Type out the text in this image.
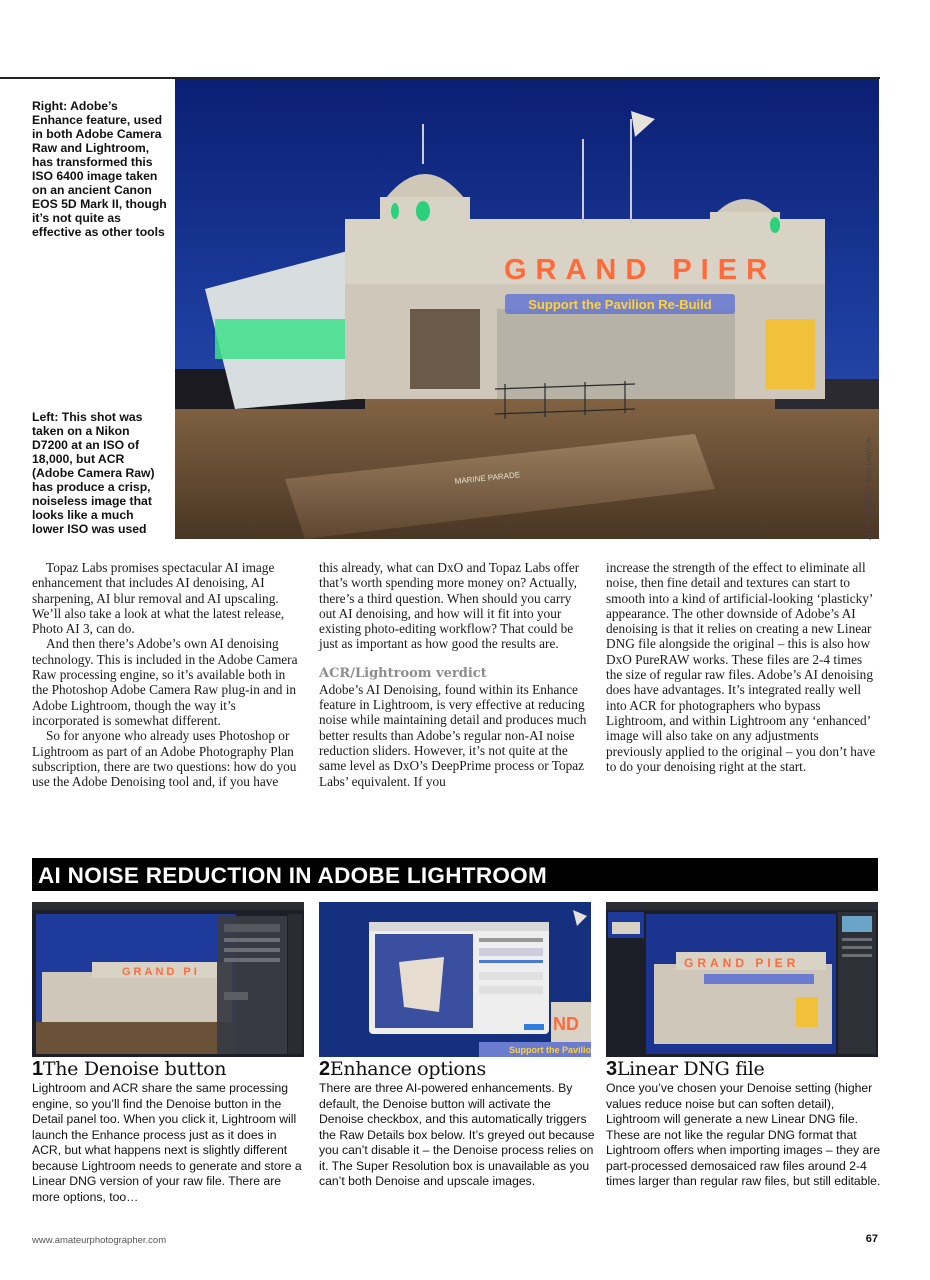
Right: Adobe’s Enhance feature, used in both Adobe Camera Raw and Lightroom, has transformed this ISO 6400 image taken on an ancient Canon EOS 5D Mark II, though it’s not quite as effective as other tools
Left: This shot was taken on a Nikon D7200 at an ISO of 18,000, but ACR (Adobe Camera Raw) has produce a crisp, noiseless image that looks like a much lower ISO was used
Support the Pavilion Re-Build
GRAND PIER
MARINE PARADE	ALL PICTURES © ROD LAWTON

Topaz Labs promises spectacular AI image enhancement that includes AI denoising, AI sharpening, AI blur removal and AI upscaling. We’ll also take a look at what the latest release, Photo AI 3, can do.

And then there’s Adobe’s own AI denoising technology. This is included in the Adobe Camera Raw processing engine, so it’s available both in the Photoshop Adobe Camera Raw plug-in and in Adobe Lightroom, though the way it’s incorporated is somewhat different.

So for anyone who already uses Photoshop or Lightroom as part of an Adobe Photography Plan subscription, there are two questions: how do you use the Adobe Denoising tool and, if you have

this already, what can DxO and Topaz Labs offer that’s worth spending more money on? Actually, there’s a third question. When should you carry out AI denoising, and how will it fit into your existing photo-editing workflow? That could be just as important as how good the results are.

ACR/Lightroom verdict

Adobe’s AI Denoising, found within its Enhance feature in Lightroom, is very effective at reducing noise while maintaining detail and produces much better results than Adobe’s regular non-AI noise reduction sliders. However, it’s not quite at the same level as DxO’s DeepPrime process or Topaz Labs’ equivalent. If you

increase the strength of the effect to eliminate all noise, then fine detail and textures can start to smooth into a kind of artificial-looking ‘plasticky’ appearance. The other downside of Adobe’s AI denoising is that it relies on creating a new Linear DNG file alongside the original – this is also how DxO PureRAW works. These files are 2-4 times the size of regular raw files. Adobe’s AI denoising does have advantages. It’s integrated really well into ACR for photographers who bypass Lightroom, and within Lightroom any ‘enhanced’ image will also take on any adjustments previously applied to the original – you don’t have to do your denoising right at the start.

AI NOISE REDUCTION IN ADOBE LIGHTROOM
GRAND PI
ND
Support the Pavilio
GRAND PIER
1The Denoise button	2Enhance options	3Linear DNG file
Lightroom and ACR share the same processing engine, so you’ll find the Denoise button in the Detail panel too. When you click it, Lightroom will launch the Enhance process just as it does in ACR, but what happens next is slightly different because Lightroom needs to generate and store a Linear DNG version of your raw file. There are more options, too…
There are three AI-powered enhancements. By default, the Denoise button will activate the Denoise checkbox, and this automatically triggers the Raw Details box below. It’s greyed out because you can’t disable it – the Denoise process relies on it. The Super Resolution box is unavailable as you can’t both Denoise and upscale images.
Once you’ve chosen your Denoise setting (higher values reduce noise but can soften detail), Lightroom will generate a new Linear DNG file. These are not like the regular DNG format that Lightroom offers when importing images – they are part-processed demosaiced raw files around 2-4 times larger than regular raw files, but still editable.
www.amateurphotographer.com	67
